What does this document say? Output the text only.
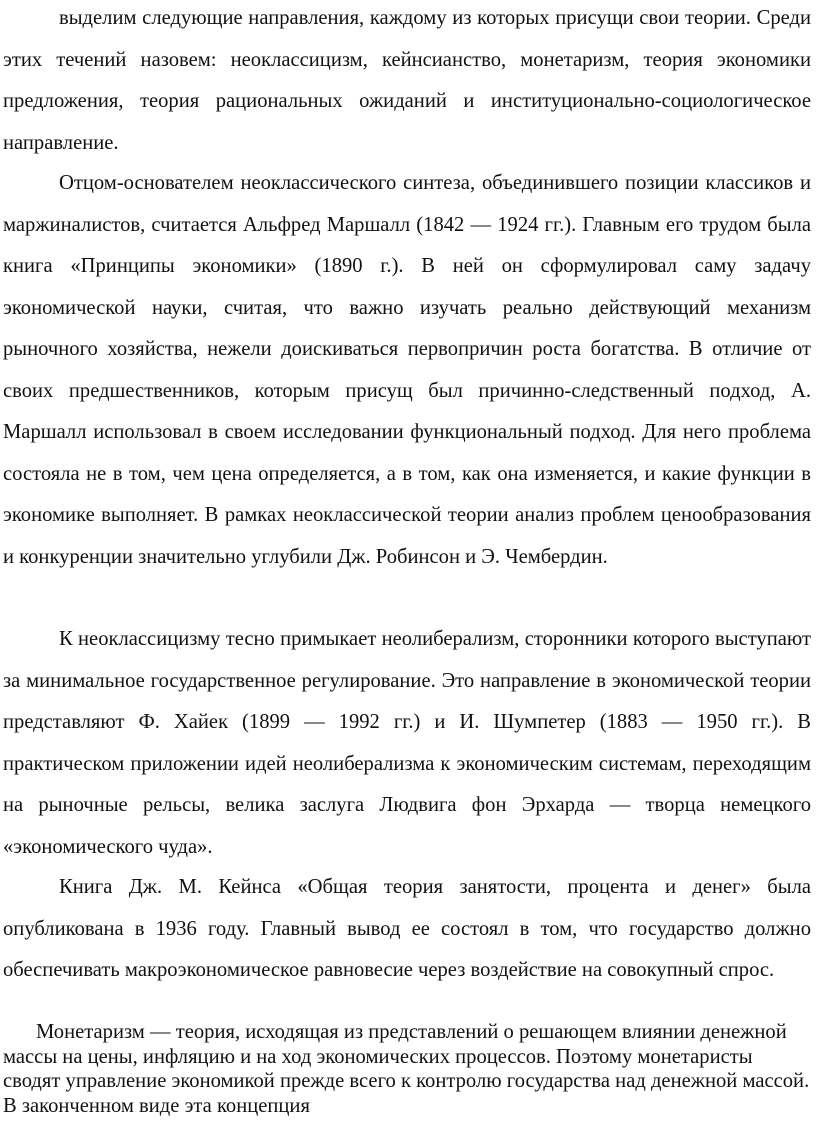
выделим следующие направления, каждому из которых присущи свои теории. Среди этих течений назовем: неоклассицизм, кейнсианство, монетаризм, теория экономики предложения, теория рациональных ожиданий и институционально-социологическое направление.

Отцом-основателем неоклассического синтеза, объединившего позиции классиков и маржиналистов, считается Альфред Маршалл (1842 — 1924 гг.). Главным его трудом была книга «Принципы экономики» (1890 г.). В ней он сформулировал саму задачу экономической науки, считая, что важно изучать реально действующий механизм рыночного хозяйства, нежели доискиваться первопричин роста богатства. В отличие от своих предшественников, которым присущ был причинно-следственный подход, А. Маршалл использовал в своем исследовании функциональный подход. Для него проблема состояла не в том, чем цена определяется, а в том, как она изменяется, и какие функции в экономике выполняет. В рамках неоклассической теории анализ проблем ценообразования и конкуренции значительно углубили Дж. Робинсон и Э. Чембердин.

К неоклассицизму тесно примыкает неолиберализм, сторонники которого выступают за минимальное государственное регулирование. Это направление в экономической теории представляют Ф. Хайек (1899 — 1992 гг.) и И. Шумпетер (1883 — 1950 гг.). В практическом приложении идей неолиберализма к экономическим системам, переходящим на рыночные рельсы, велика заслуга Людвига фон Эрхарда — творца немецкого «экономического чуда».

Книга Дж. М. Кейнса «Общая теория занятости, процента и денег» была опубликована в 1936 году. Главный вывод ее состоял в том, что государство должно обеспечивать макроэкономическое равновесие через воздействие на совокупный спрос.

Монетаризм — теория, исходящая из представлений о решающем влиянии денежной массы на цены, инфляцию и на ход экономических процессов. Поэтому монетаристы сводят управление экономикой прежде всего к контролю государства над денежной массой. В законченном виде эта концепция
